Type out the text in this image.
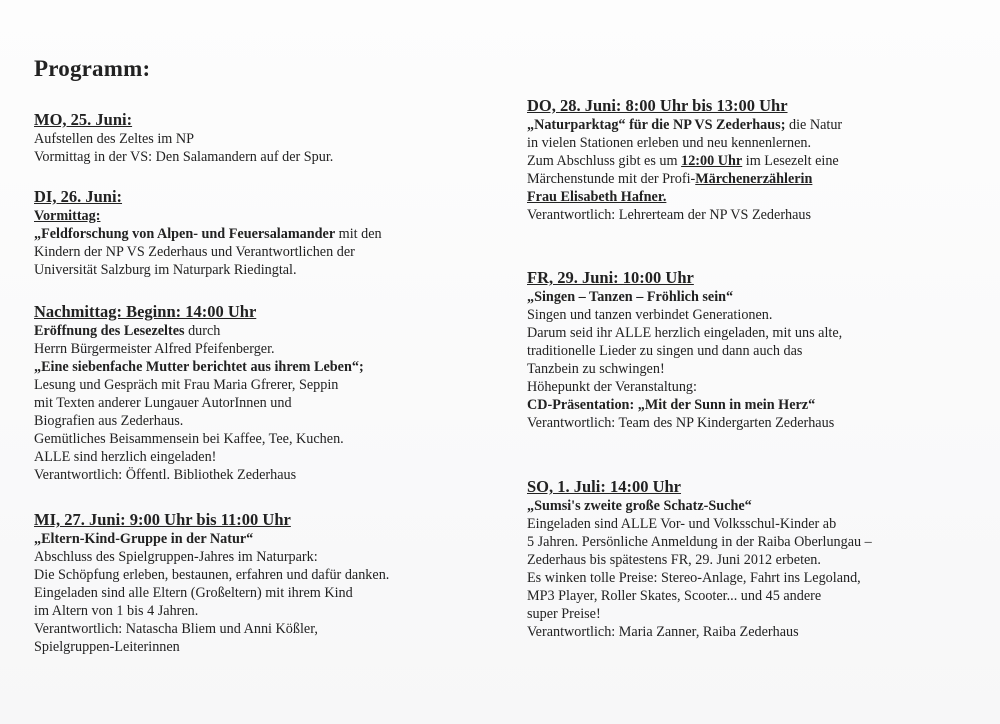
Programm:
MO, 25. Juni:
Aufstellen des Zeltes im NP
Vormittag in der VS: Den Salamandern auf der Spur.
DI, 26. Juni:
Vormittag:
„Feldforschung von Alpen- und Feuersalamander mit den
Kindern der NP VS Zederhaus und Verantwortlichen der
Universität Salzburg im Naturpark Riedingtal.
Nachmittag: Beginn: 14:00 Uhr
Eröffnung des Lesezeltes durch
Herrn Bürgermeister Alfred Pfeifenberger.
„Eine siebenfache Mutter berichtet aus ihrem Leben“;
Lesung und Gespräch mit Frau Maria Gfrerer, Seppin
mit Texten anderer Lungauer AutorInnen und
Biografien aus Zederhaus.
Gemütliches Beisammensein bei Kaffee, Tee, Kuchen.
ALLE sind herzlich eingeladen!
Verantwortlich: Öffentl. Bibliothek Zederhaus
MI, 27. Juni: 9:00 Uhr bis 11:00 Uhr
„Eltern-Kind-Gruppe in der Natur“
Abschluss des Spielgruppen-Jahres im Naturpark:
Die Schöpfung erleben, bestaunen, erfahren und dafür danken.
Eingeladen sind alle Eltern (Großeltern) mit ihrem Kind
im Altern von 1 bis 4 Jahren.
Verantwortlich: Natascha Bliem und Anni Kößler,
Spielgruppen-Leiterinnen
DO, 28. Juni: 8:00 Uhr bis 13:00 Uhr
„Naturparktag“ für die NP VS Zederhaus; die Natur
in vielen Stationen erleben und neu kennenlernen.
Zum Abschluss gibt es um 12:00 Uhr im Lesezelt eine
Märchenstunde mit der Profi-Märchenerzählerin
Frau Elisabeth Hafner.
Verantwortlich: Lehrerteam der NP VS Zederhaus
FR, 29. Juni: 10:00 Uhr
„Singen – Tanzen – Fröhlich sein“
Singen und tanzen verbindet Generationen.
Darum seid ihr ALLE herzlich eingeladen, mit uns alte,
traditionelle Lieder zu singen und dann auch das
Tanzbein zu schwingen!
Höhepunkt der Veranstaltung:
CD-Präsentation: „Mit der Sunn in mein Herz“
Verantwortlich: Team des NP Kindergarten Zederhaus
SO, 1. Juli: 14:00 Uhr
„Sumsi's zweite große Schatz-Suche“
Eingeladen sind ALLE Vor- und Volksschul-Kinder ab
5 Jahren. Persönliche Anmeldung in der Raiba Oberlungau –
Zederhaus bis spätestens FR, 29. Juni 2012 erbeten.
Es winken tolle Preise: Stereo-Anlage, Fahrt ins Legoland,
MP3 Player, Roller Skates, Scooter... und 45 andere
super Preise!
Verantwortlich: Maria Zanner, Raiba Zederhaus
